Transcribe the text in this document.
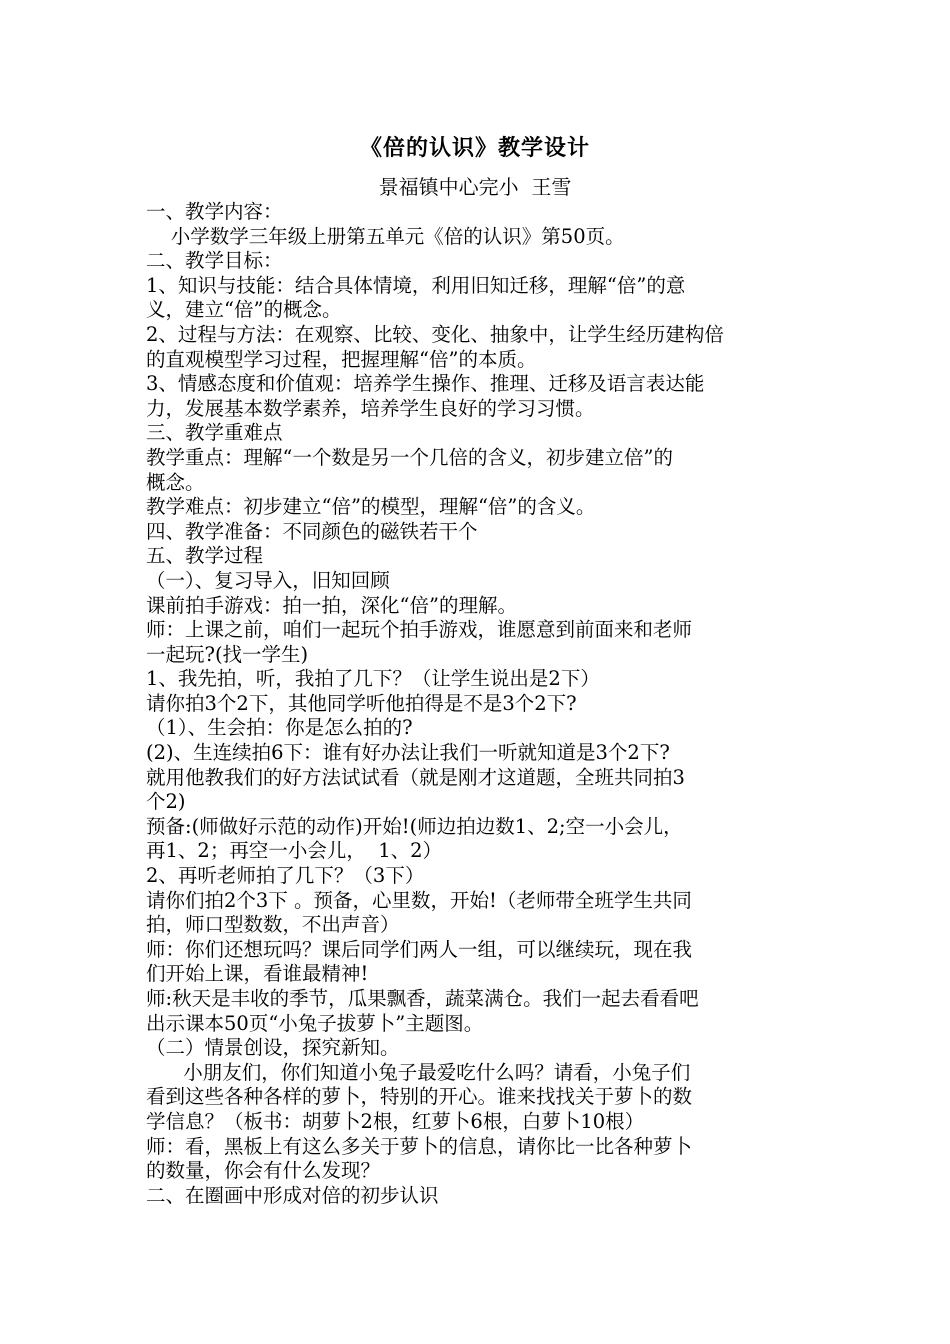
《倍的认识》教学设计
景福镇中心完小  王雪
一、教学内容：
小学数学三年级上册第五单元《倍的认识》第50页。
二、教学目标：
1、知识与技能：结合具体情境，利用旧知迁移，理解“倍”的意
义，建立“倍”的概念。
2、过程与方法：在观察、比较、变化、抽象中，让学生经历建构倍
的直观模型学习过程，把握理解“倍”的本质。
3、情感态度和价值观：培养学生操作、推理、迁移及语言表达能
力，发展基本数学素养，培养学生良好的学习习惯。
三、教学重难点
教学重点：理解“一个数是另一个几倍的含义，初步建立倍”的
概念。
教学难点：初步建立“倍”的模型，理解“倍”的含义。
四、教学准备：不同颜色的磁铁若干个
五、教学过程
（一）、复习导入，旧知回顾
课前拍手游戏：拍一拍，深化“倍”的理解。
师：上课之前，咱们一起玩个拍手游戏，谁愿意到前面来和老师
一起玩?(找一学生)
1、我先拍，听，我拍了几下？（让学生说出是2下）
请你拍3个2下，其他同学听他拍得是不是3个2下?
（1）、生会拍：你是怎么拍的?
(2)、生连续拍6下：谁有好办法让我们一听就知道是3个2下?
就用他教我们的好方法试试看（就是刚才这道题，全班共同拍3
个2)
预备:(师做好示范的动作)开始!(师边拍边数1、2;空一小会儿，
再1、2；再空一小会儿，  1、2）
2、再听老师拍了几下？（3下）
请你们拍2个3下 。预备，心里数，开始!（老师带全班学生共同
拍，师口型数数，不出声音）
师：你们还想玩吗？课后同学们两人一组，可以继续玩，现在我
们开始上课，看谁最精神!
师:秋天是丰收的季节，瓜果飘香，蔬菜满仓。我们一起去看看吧
出示课本50页“小兔子拔萝卜”主题图。
（二）情景创设，探究新知。
小朋友们，你们知道小兔子最爱吃什么吗？请看，小兔子们
看到这些各种各样的萝卜，特别的开心。谁来找找关于萝卜的数
学信息？（板书：胡萝卜2根，红萝卜6根，白萝卜10根）
师：看，黑板上有这么多关于萝卜的信息，请你比一比各种萝卜
的数量，你会有什么发现？
二、在圈画中形成对倍的初步认识
